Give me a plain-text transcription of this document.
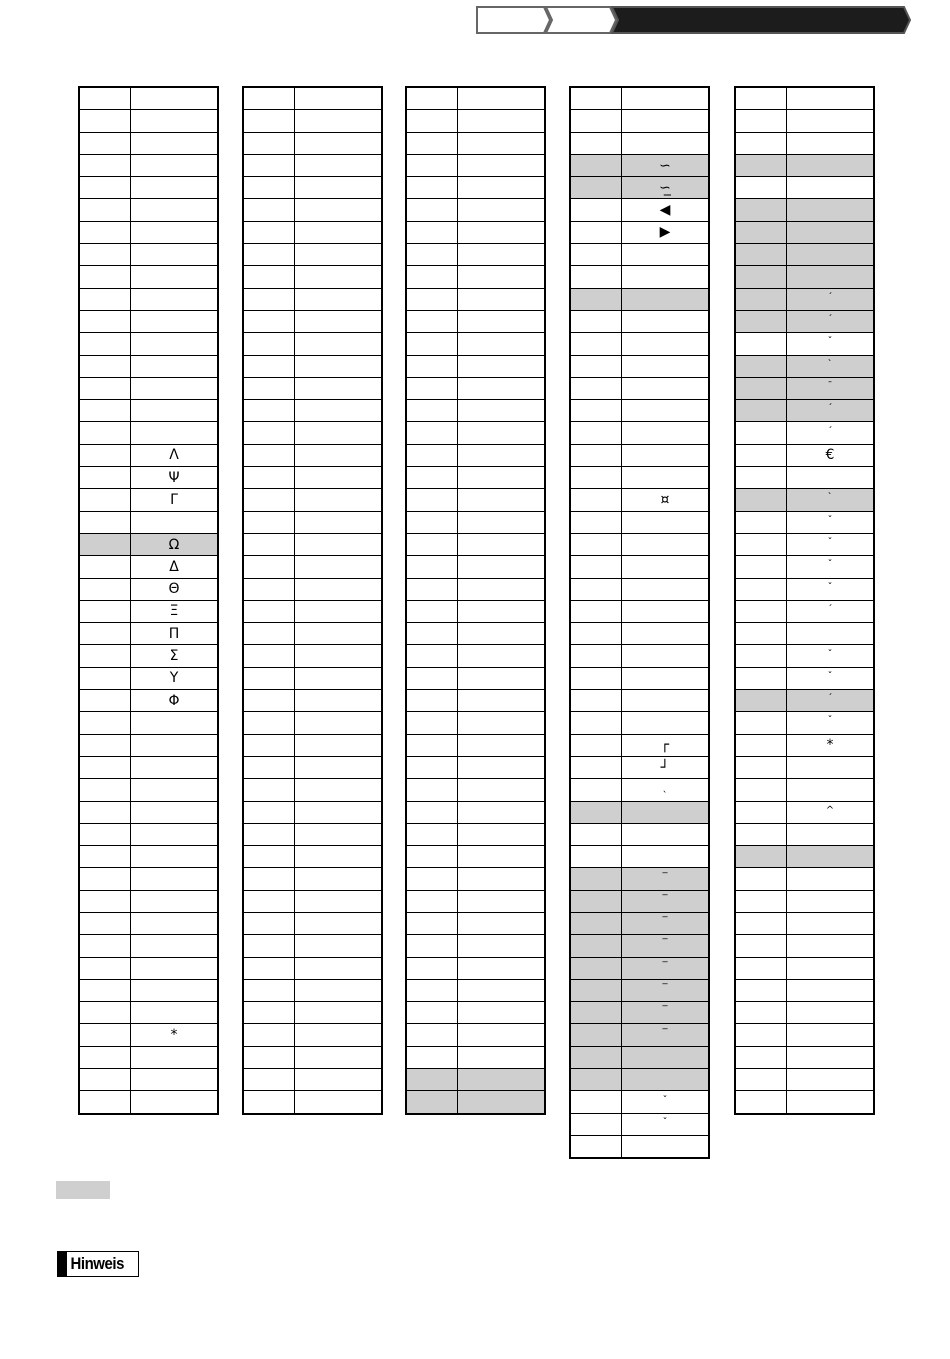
	Λ
	Ψ
	Γ

	Ω
	Δ
	Θ
	Ξ
	Π
	Σ
	Υ
	Φ

	*

	∽
	∽̲
	◀
	▶

	¤

	┌
	┘
	$^ˎ$

	‾
	‾
	‾
	‾
	‾
	‾
	‾
	‾

	$^ˇ$
	$^ˇ$

	$^ˊ$
	$^ˊ$
	$^ˇ$
	$^ˋ$
	¯
	$^ˊ$
	$^ˊ$
	€

	$^ˋ$
	$^ˇ$
	$^ˇ$
	$^ˇ$
	$^ˇ$
	$^ˊ$

	$^ˇ$
	$^ˇ$
	$^ˊ$
	$^ˇ$
	*

	^

Hinweis
